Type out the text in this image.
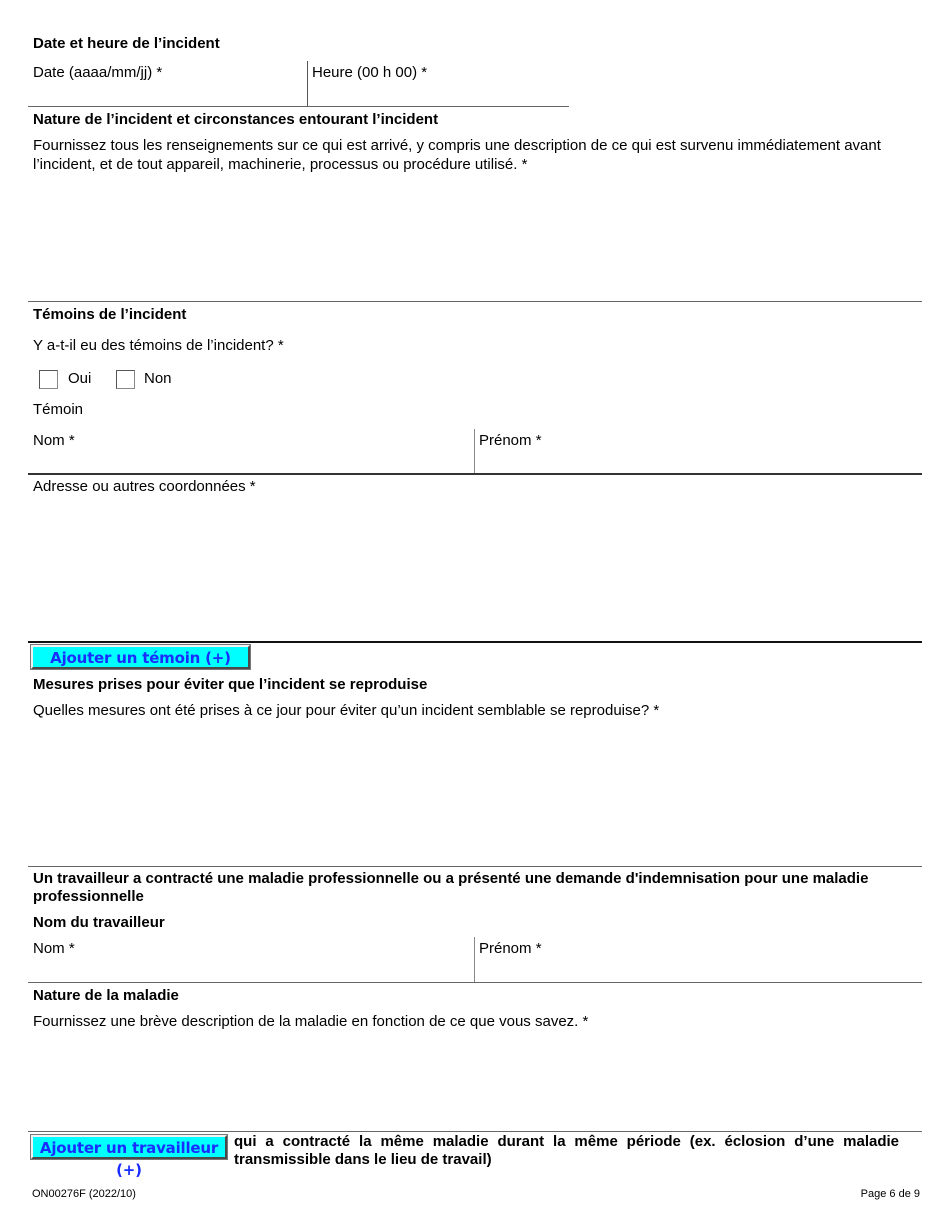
Date et heure de l’incident
Date (aaaa/mm/jj) *	Heure (00 h 00) *
Nature de l’incident et circonstances entourant l’incident
Fournissez tous les renseignements sur ce qui est arrivé, y compris une description de ce qui est survenu immédiatement avant l’incident, et de tout appareil, machinerie, processus ou procédure utilisé. *
Témoins de l’incident
Y a-t-il eu des témoins de l’incident? *
Oui	Non
Témoin
Nom *	Prénom *
Adresse ou autres coordonnées *
Ajouter un témoin (+)
Mesures prises pour éviter que l’incident se reproduise
Quelles mesures ont été prises à ce jour pour éviter qu’un incident semblable se reproduise? *
Un travailleur a contracté une maladie professionnelle ou a présenté une demande d'indemnisation pour une maladie professionnelle
Nom du travailleur
Nom *	Prénom *
Nature de la maladie
Fournissez une brève description de la maladie en fonction de ce que vous savez. *
Ajouter un travailleur (+)
qui a contracté la même maladie durant la même période (ex. éclosion d’une maladie transmissible dans le lieu de travail)
ON00276F (2022/10)	Page 6 de 9
